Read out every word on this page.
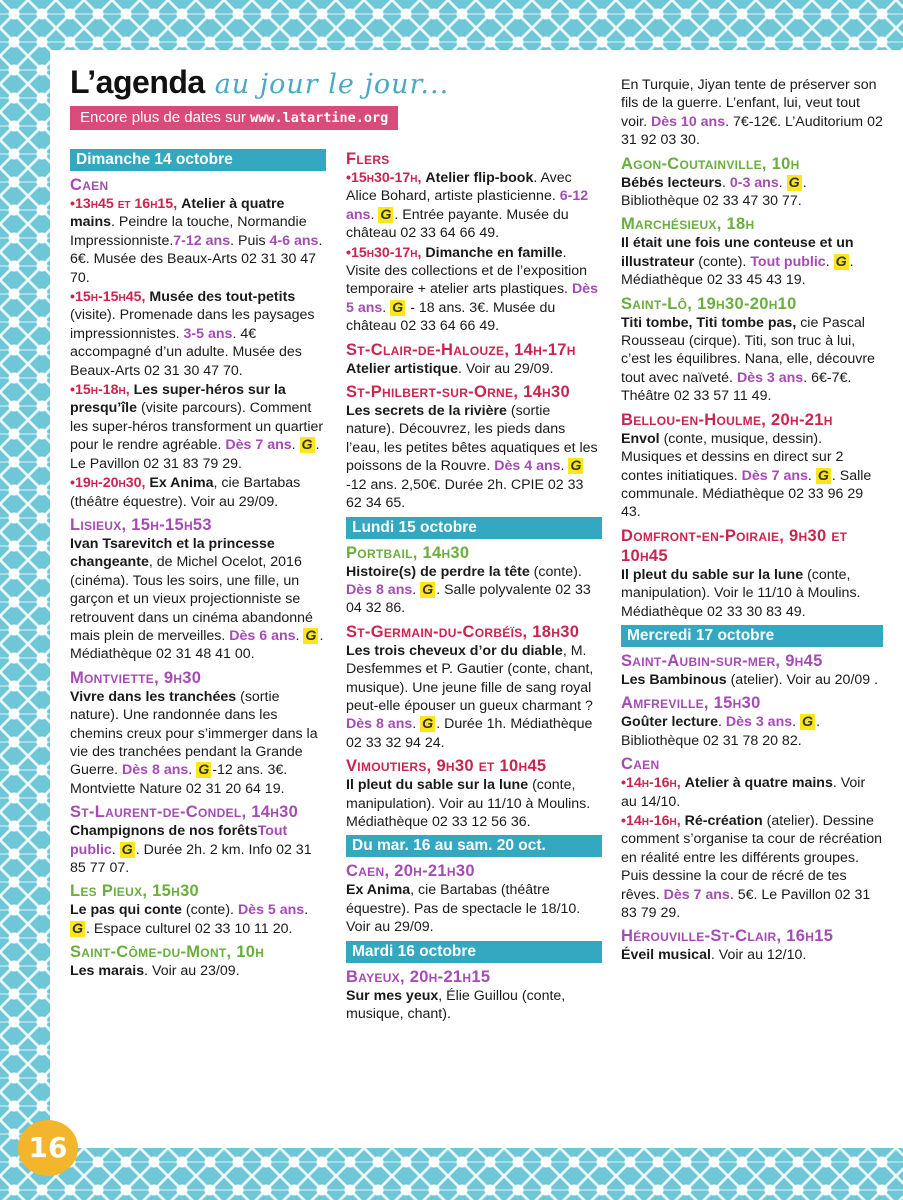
L’agenda au jour le jour...
Encore plus de dates sur www.latartine.org
Dimanche 14 octobre
Caen
•13h45 et 16h15, Atelier à quatre mains. Peindre la touche, Normandie Impressionniste.7-12 ans. Puis 4-6 ans. 6€. Musée des Beaux-Arts 02 31 30 47 70.
•15h-15h45, Musée des tout-petits (visite). Promenade dans les paysages impressionnistes. 3-5 ans. 4€ accompagné d’un adulte. Musée des Beaux-Arts 02 31 30 47 70.
•15h-18h, Les super-héros sur la presqu’île (visite parcours). Comment les super-héros transforment un quartier pour le rendre agréable. Dès 7 ans. G . Le Pavillon 02 31 83 79 29.
•19h-20h30, Ex Anima, cie Bartabas (théâtre équestre). Voir au 29/09.
Lisieux, 15h-15h53
Ivan Tsarevitch et la princesse changeante, de Michel Ocelot, 2016 (cinéma). Tous les soirs, une fille, un garçon et un vieux projectionniste se retrouvent dans un cinéma abandonné mais plein de merveilles. Dès 6 ans. G . Médiathèque 02 31 48 41 00.
Montviette, 9h30
Vivre dans les tranchées (sortie nature). Une randonnée dans les chemins creux pour s’immerger dans la vie des tranchées pendant la Grande Guerre. Dès 8 ans. G -12 ans. 3€. Montviette Nature 02 31 20 64 19.
St-Laurent-de-Condel, 14h30
Champignons de nos forêtsTout public. G . Durée 2h. 2 km. Info 02 31 85 77 07.
Les Pieux, 15h30
Le pas qui conte (conte). Dès 5 ans. G . Espace culturel 02 33 10 11 20.
Saint-Côme-du-Mont, 10h
Les marais. Voir au 23/09.
Flers
•15h30-17h, Atelier flip-book. Avec Alice Bohard, artiste plasticienne. 6-12 ans. G . Entrée payante. Musée du château 02 33 64 66 49.
•15h30-17h, Dimanche en famille. Visite des collections et de l’exposition temporaire + atelier arts plastiques. Dès 5 ans. G - 18 ans. 3€. Musée du château 02 33 64 66 49.
St-Clair-de-Halouze, 14h-17h
Atelier artistique. Voir au 29/09.
St-Philbert-sur-Orne, 14h30
Les secrets de la rivière (sortie nature). Découvrez, les pieds dans l’eau, les petites bêtes aquatiques et les poissons de la Rouvre. Dès 4 ans. G-12 ans. 2,50€. Durée 2h. CPIE 02 33 62 34 65.
Lundi 15 octobre
Portbail, 14h30
Histoire(s) de perdre la tête (conte). Dès 8 ans. G . Salle polyvalente 02 33 04 32 86.
St-Germain-du-Corbéïs, 18h30
Les trois cheveux d’or du diable, M. Desfemmes et P. Gautier (conte, chant, musique). Une jeune fille de sang royal peut-elle épouser un gueux charmant ? Dès 8 ans. G . Durée 1h. Médiathèque 02 33 32 94 24.
Vimoutiers, 9h30 et 10h45
Il pleut du sable sur la lune (conte, manipulation). Voir au 11/10 à Moulins. Médiathèque 02 33 12 56 36.
Du mar. 16 au sam. 20 oct.
Caen, 20h-21h30
Ex Anima, cie Bartabas (théâtre équestre). Pas de spectacle le 18/10. Voir au 29/09.
Mardi 16 octobre
Bayeux, 20h-21h15
Sur mes yeux, Élie Guillou (conte, musique, chant).
En Turquie, Jiyan tente de préserver son fils de la guerre. L’enfant, lui, veut tout voir. Dès 10 ans. 7€-12€. L’Auditorium 02 31 92 03 30.
Agon-Coutainville, 10h
Bébés lecteurs. 0-3 ans. G . Bibliothèque 02 33 47 30 77.
Marchésieux, 18h
Il était une fois une conteuse et un illustrateur (conte). Tout public. G . Médiathèque 02 33 45 43 19.
Saint-Lô, 19h30-20h10
Titi tombe, Titi tombe pas, cie Pascal Rousseau (cirque). Titi, son truc à lui, c’est les équilibres. Nana, elle, découvre tout avec naïveté. Dès 3 ans. 6€-7€. Théâtre 02 33 57 11 49.
Bellou-en-Houlme, 20h-21h
Envol (conte, musique, dessin). Musiques et dessins en direct sur 2 contes initiatiques. Dès 7 ans. G . Salle communale. Médiathèque 02 33 96 29 43.
Domfront-en-Poiraie, 9h30 et 10h45
Il pleut du sable sur la lune (conte, manipulation). Voir le 11/10 à Moulins. Médiathèque 02 33 30 83 49.
Mercredi 17 octobre
Saint-Aubin-sur-mer, 9h45
Les Bambinous (atelier). Voir au 20/09 .
Amfreville, 15h30
Goûter lecture. Dès 3 ans. G . Bibliothèque 02 31 78 20 82.
Caen
•14h-16h, Atelier à quatre mains. Voir au 14/10.
•14h-16h, Ré-création (atelier). Dessine comment s’organise ta cour de récréation en réalité entre les différents groupes. Puis dessine la cour de récré de tes rêves. Dès 7 ans. 5€. Le Pavillon 02 31 83 79 29.
Hérouville-St-Clair, 16h15
Éveil musical. Voir au 12/10.
16
